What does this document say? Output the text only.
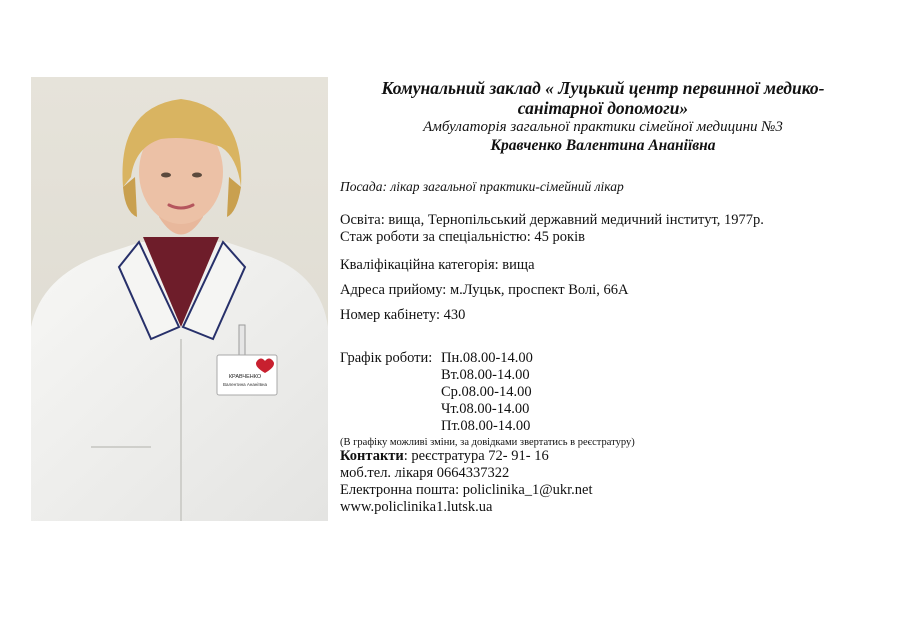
КРАВЧЕНКО
Валентина Ананіївна
Комунальний заклад « Луцький центр первинної медико-
санітарної допомоги»
Амбулаторія загальної практики сімейної медицини №3
Кравченко Валентина Ананіївна
Посада: лікар загальної практики-сімейний лікар
Освіта: вища, Тернопільський державний медичний інститут, 1977р.
Стаж роботи за спеціальністю: 45 років
Кваліфікаційна категорія: вища
Адреса прийому: м.Луцьк, проспект Волі, 66А
Номер кабінету: 430
Графік роботи: Пн.08.00-14.00
Вт.08.00-14.00
Ср.08.00-14.00
Чт.08.00-14.00
Пт.08.00-14.00
(В графіку можливі зміни, за довідками звертатись в реєстратуру)
Контакти: реєстратура 72- 91- 16
моб.тел. лікаря 0664337322
Електронна пошта: policlinika_1@ukr.net
www.policlinika1.lutsk.ua
